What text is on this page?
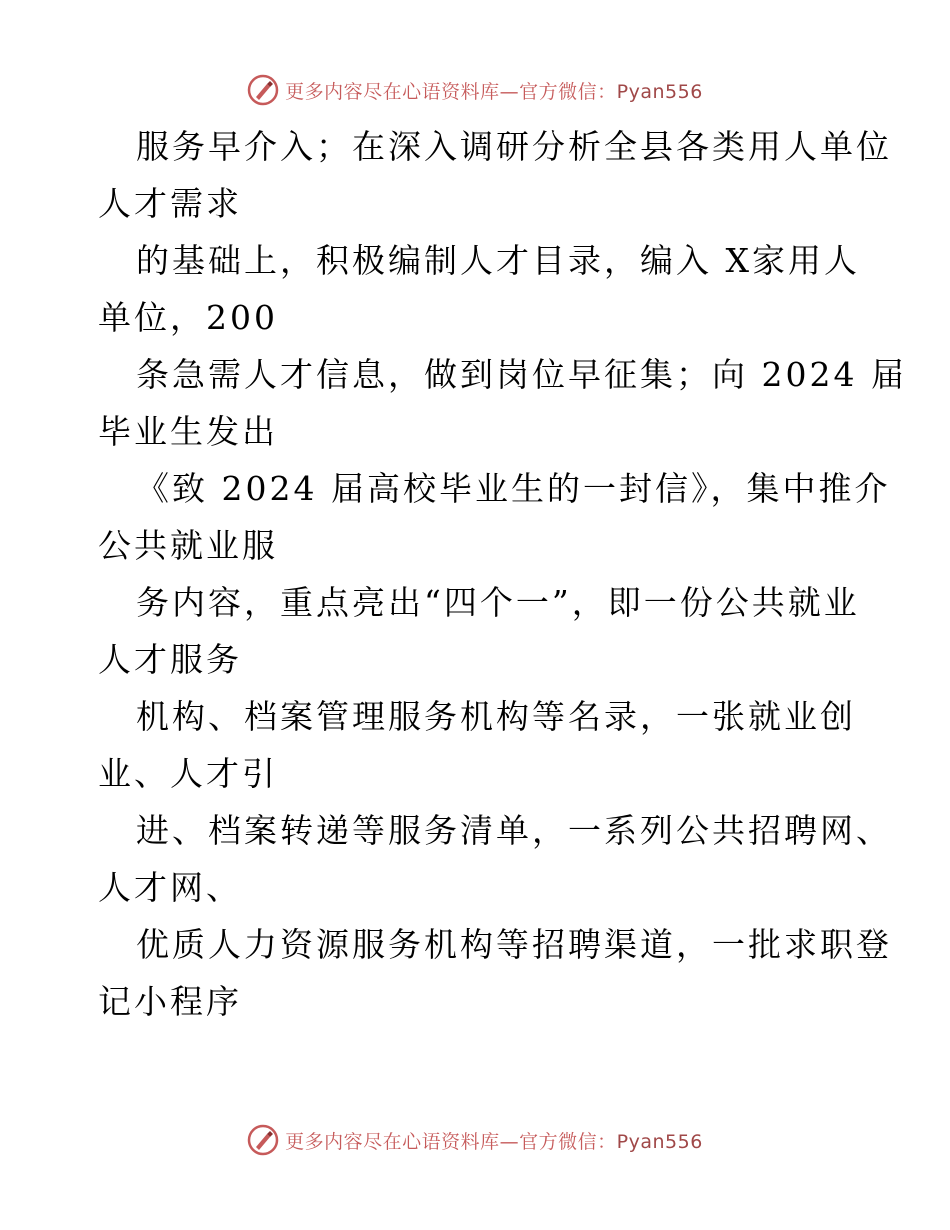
更多内容尽在心语资料库—官方微信：Pyan556
服务早介入；在深入调研分析全县各类用人单位
人才需求
的基础上，积极编制人才目录，编入 X家用人
单位，200
条急需人才信息，做到岗位早征集；向 2024 届
毕业生发出
《致 2024 届高校毕业生的一封信》，集中推介
公共就业服
务内容，重点亮出“四个一”，即一份公共就业
人才服务
机构、档案管理服务机构等名录，一张就业创
业、人才引
进、档案转递等服务清单，一系列公共招聘网、
人才网、
优质人力资源服务机构等招聘渠道，一批求职登
记小程序
更多内容尽在心语资料库—官方微信：Pyan556
